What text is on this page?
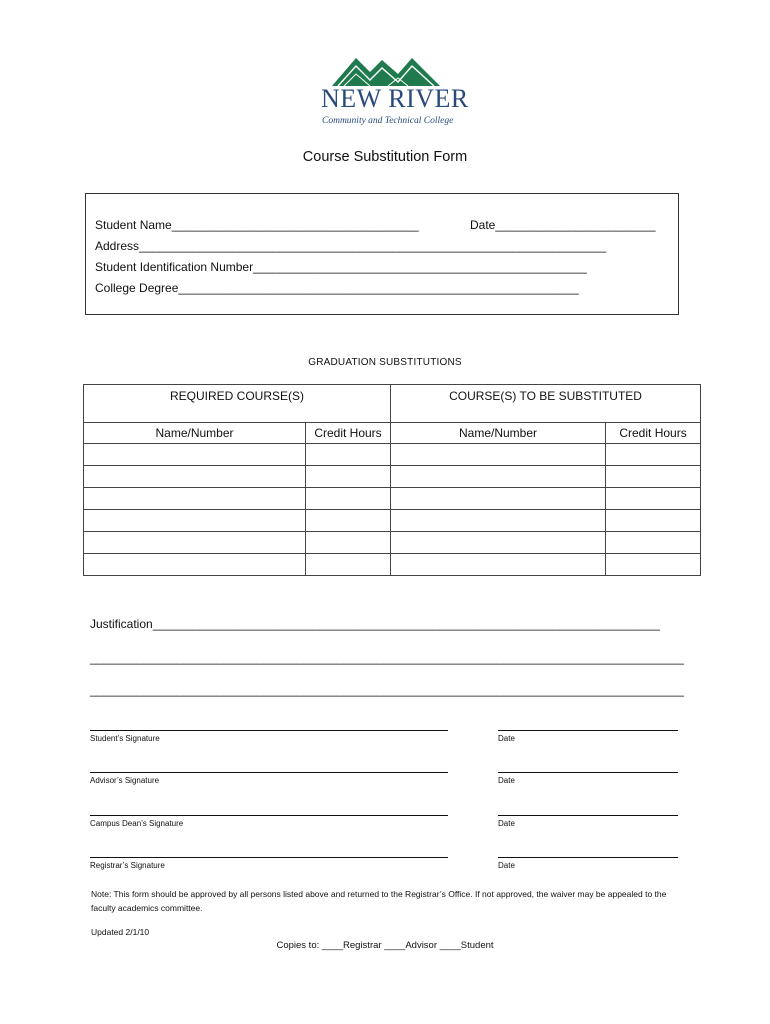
NEW RIVER
Community and Technical College
Course Substitution Form
Student Name_____________________________________	Date________________________
Address______________________________________________________________________
Student Identification Number__________________________________________________
College Degree____________________________________________________________
GRADUATION SUBSTITUTIONS
REQUIRED COURSE(S)		COURSE(S) TO BE SUBSTITUTED	
Name/Number	Credit Hours	Name/Number	Credit Hours

Justification____________________________________________________________________________
_________________________________________________________________________________________
_________________________________________________________________________________________
Student’s Signature	Date
Advisor’s Signature	Date
Campus Dean’s Signature	Date
Registrar’s Signature	Date
Note: This form should be approved by all persons listed above and returned to the Registrar’s Office. If not approved, the waiver may be appealed to the faculty academics committee.
Updated 2/1/10
Copies to: ____Registrar ____Advisor ____Student
